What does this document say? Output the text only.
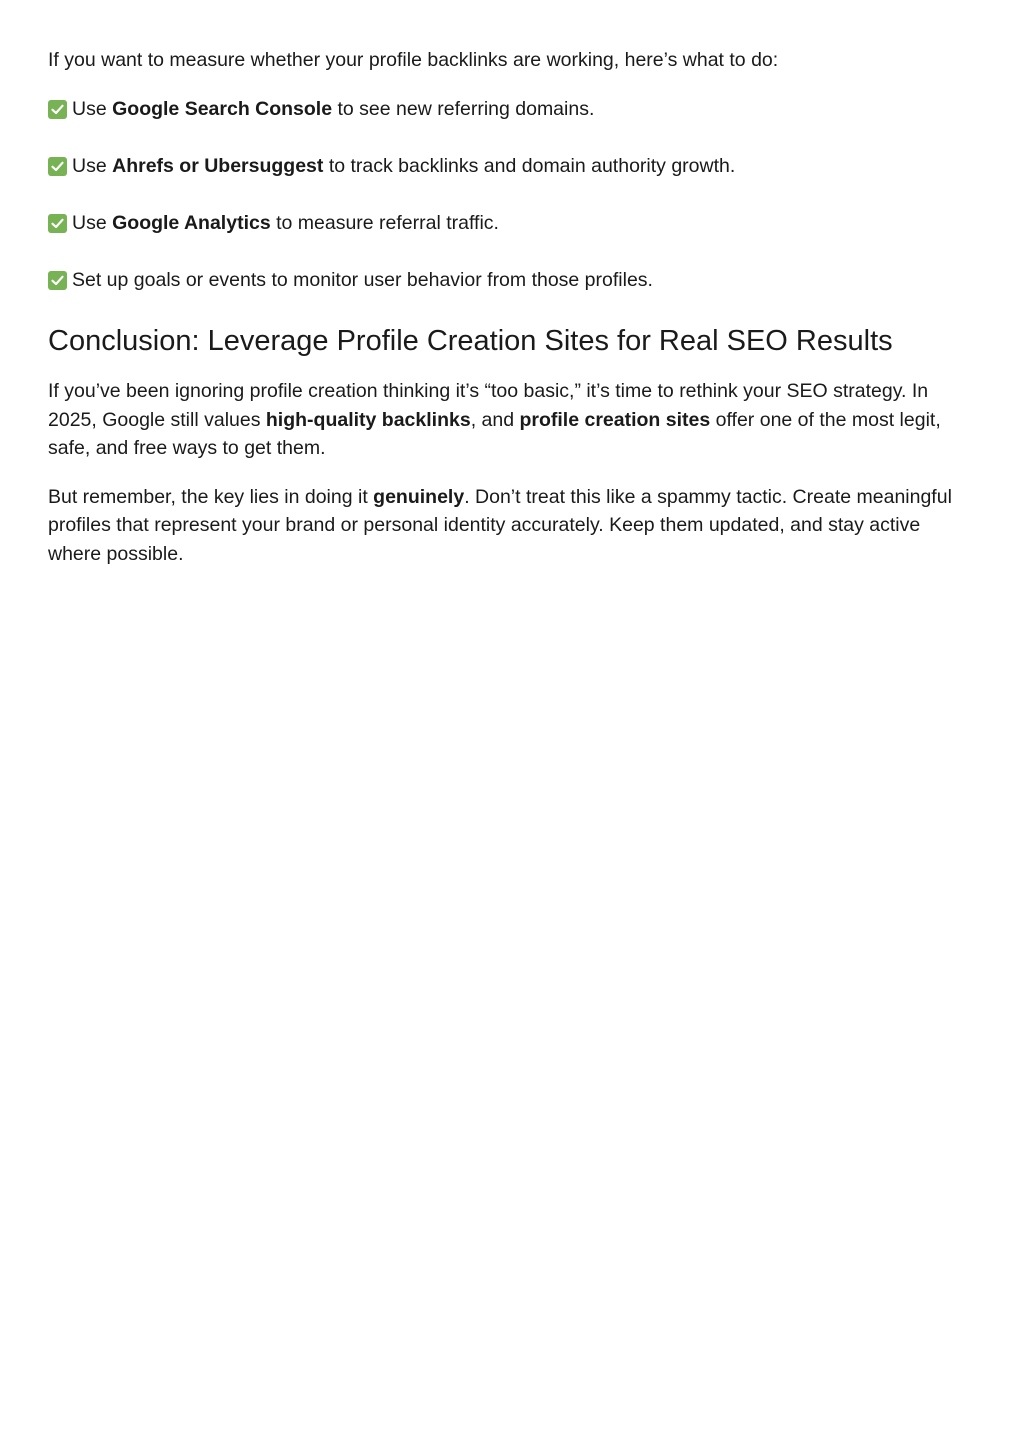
If you want to measure whether your profile backlinks are working, here’s what to do:

Use Google Search Console to see new referring domains.
Use Ahrefs or Ubersuggest to track backlinks and domain authority growth.
Use Google Analytics to measure referral traffic.
Set up goals or events to monitor user behavior from those profiles.
Conclusion: Leverage Profile Creation Sites for Real SEO Results

If you’ve been ignoring profile creation thinking it’s “too basic,” it’s time to rethink your SEO strategy. In 2025, Google still values high-quality backlinks, and profile creation sites offer one of the most legit, safe, and free ways to get them.

But remember, the key lies in doing it genuinely. Don’t treat this like a spammy tactic. Create meaningful profiles that represent your brand or personal identity accurately. Keep them updated, and stay active where possible.
